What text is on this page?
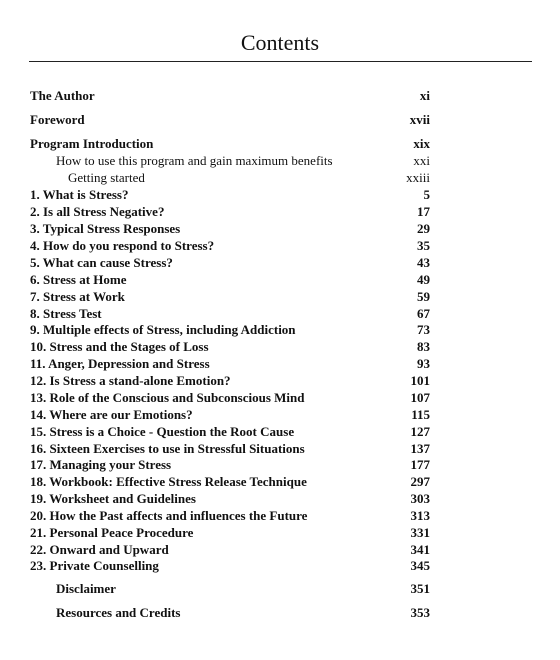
Contents
The Author	xi
Foreword	xvii
Program Introduction	xix
How to use this program and gain maximum benefits	xxi
Getting started	xxiii
1. What is Stress?	5
2. Is all Stress Negative?	17
3. Typical Stress Responses	29
4. How do you respond to Stress?	35
5. What can cause Stress?	43
6. Stress at Home	49
7. Stress at Work	59
8. Stress Test	67
9. Multiple effects of Stress, including Addiction	73
10. Stress and the Stages of Loss	83
11. Anger, Depression and Stress	93
12. Is Stress a stand-alone Emotion?	101
13. Role of the Conscious and Subconscious Mind	107
14. Where are our Emotions?	115
15. Stress is a Choice - Question the Root Cause	127
16. Sixteen Exercises to use in Stressful Situations	137
17. Managing your Stress	177
18. Workbook: Effective Stress Release Technique	297
19. Worksheet and Guidelines	303
20. How the Past affects and influences the Future	313
21. Personal Peace Procedure	331
22. Onward and Upward	341
23. Private Counselling	345
Disclaimer	351
Resources and Credits	353
